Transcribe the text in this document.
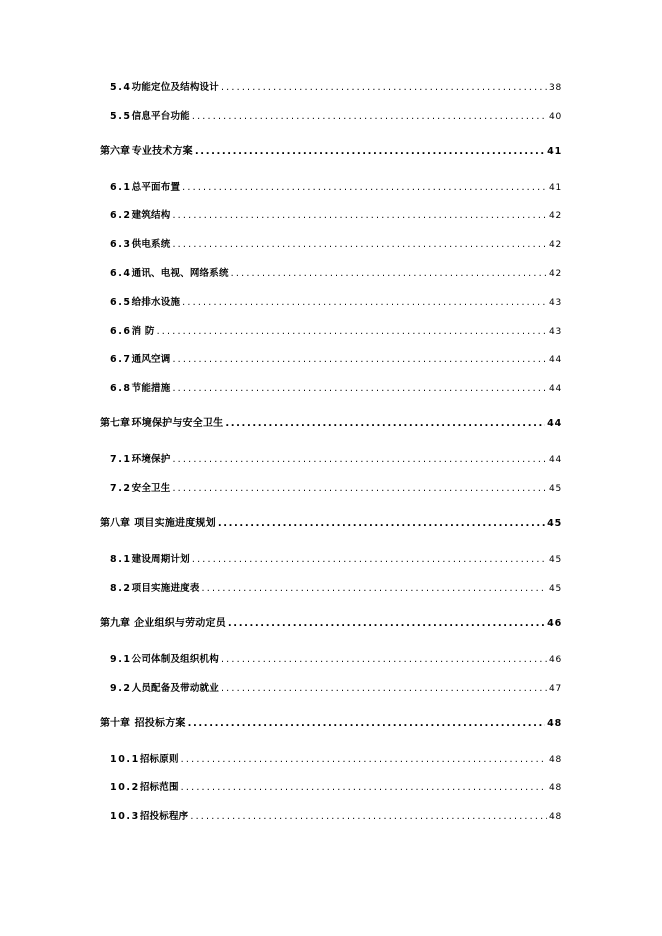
5.4 功能定位及结构设计 .....	38
5.5 信息平台功能 .....	40
第六章 专业技术方案 .....	41
6.1 总平面布置 .....	41
6.2 建筑结构 .....	42
6.3 供电系统 .....	42
6.4 通讯、电视、网络系统 .....	42
6.5 给排水设施 .....	43
6.6 消 防 .....	43
6.7 通风空调 .....	44
6.8 节能措施 .....	44
第七章 环境保护与安全卫生 .....	44
7.1 环境保护 .....	44
7.2 安全卫生 .....	45
第八章 项目实施进度规划 .....	45
8.1 建设周期计划 .....	45
8.2 项目实施进度表 .....	45
第九章 企业组织与劳动定员 .....	46
9.1 公司体制及组织机构 .....	46
9.2 人员配备及带动就业 .....	47
第十章 招投标方案 .....	48
10.1 招标原则 .....	48
10.2 招标范围 .....	48
10.3 招投标程序 .....	48
